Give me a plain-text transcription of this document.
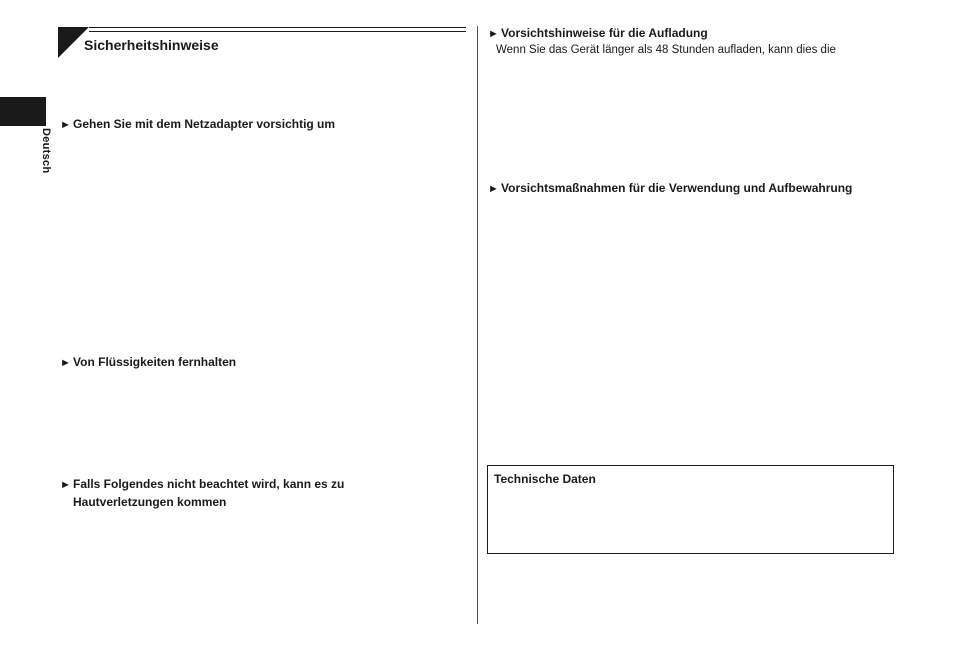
Sicherheitshinweise
Deutsch
► Gehen Sie mit dem Netzadapter vorsichtig um
► Von Flüssigkeiten fernhalten
► Falls Folgendes nicht beachtet wird, kann es zu
Hautverletzungen kommen
► Vorsichtshinweise für die Aufladung
Wenn Sie das Gerät länger als 48 Stunden aufladen, kann dies die
► Vorsichtsmaßnahmen für die Verwendung und Aufbewahrung
Technische Daten
